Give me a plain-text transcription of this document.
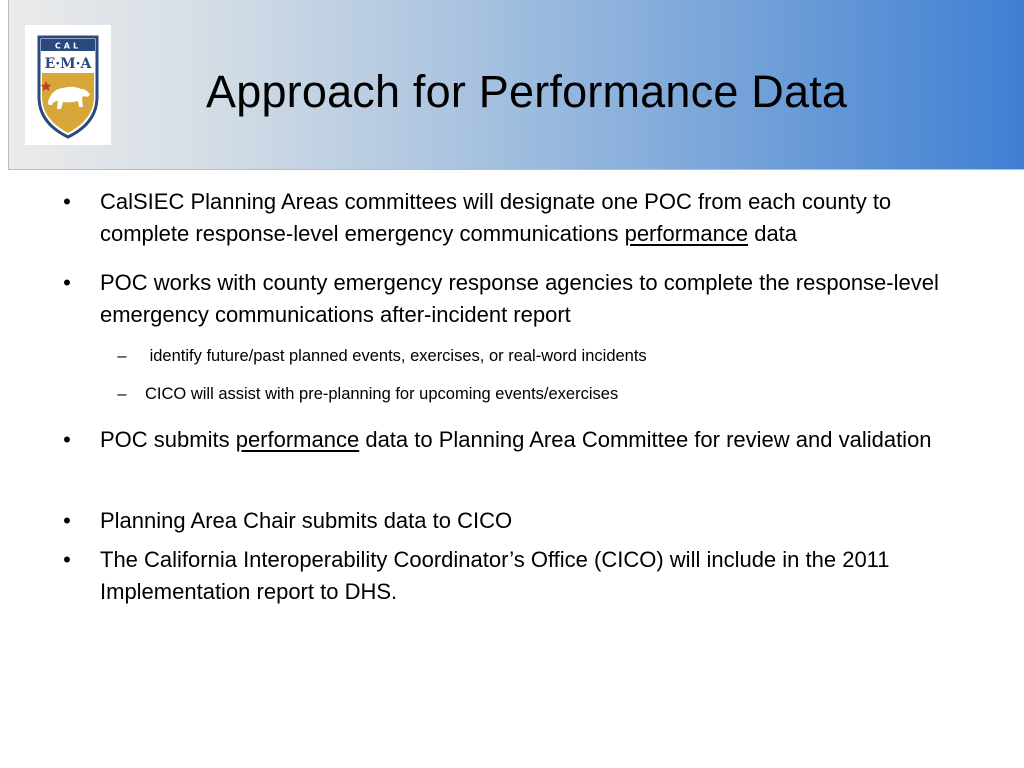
CAL
E·M·A
Approach for Performance Data
• CalSIEC Planning Areas committees will designate one POC from each county to complete response-level emergency communications performance data
• POC works with county emergency response agencies to complete the response-level emergency communications after-incident report
– identify future/past planned events, exercises, or real-word incidents
– CICO will assist with pre-planning for upcoming events/exercises
• POC submits performance data to Planning Area Committee for review and validation
• Planning Area Chair submits data to CICO
• The California Interoperability Coordinator’s Office (CICO) will include in the 2011 Implementation report to DHS.
